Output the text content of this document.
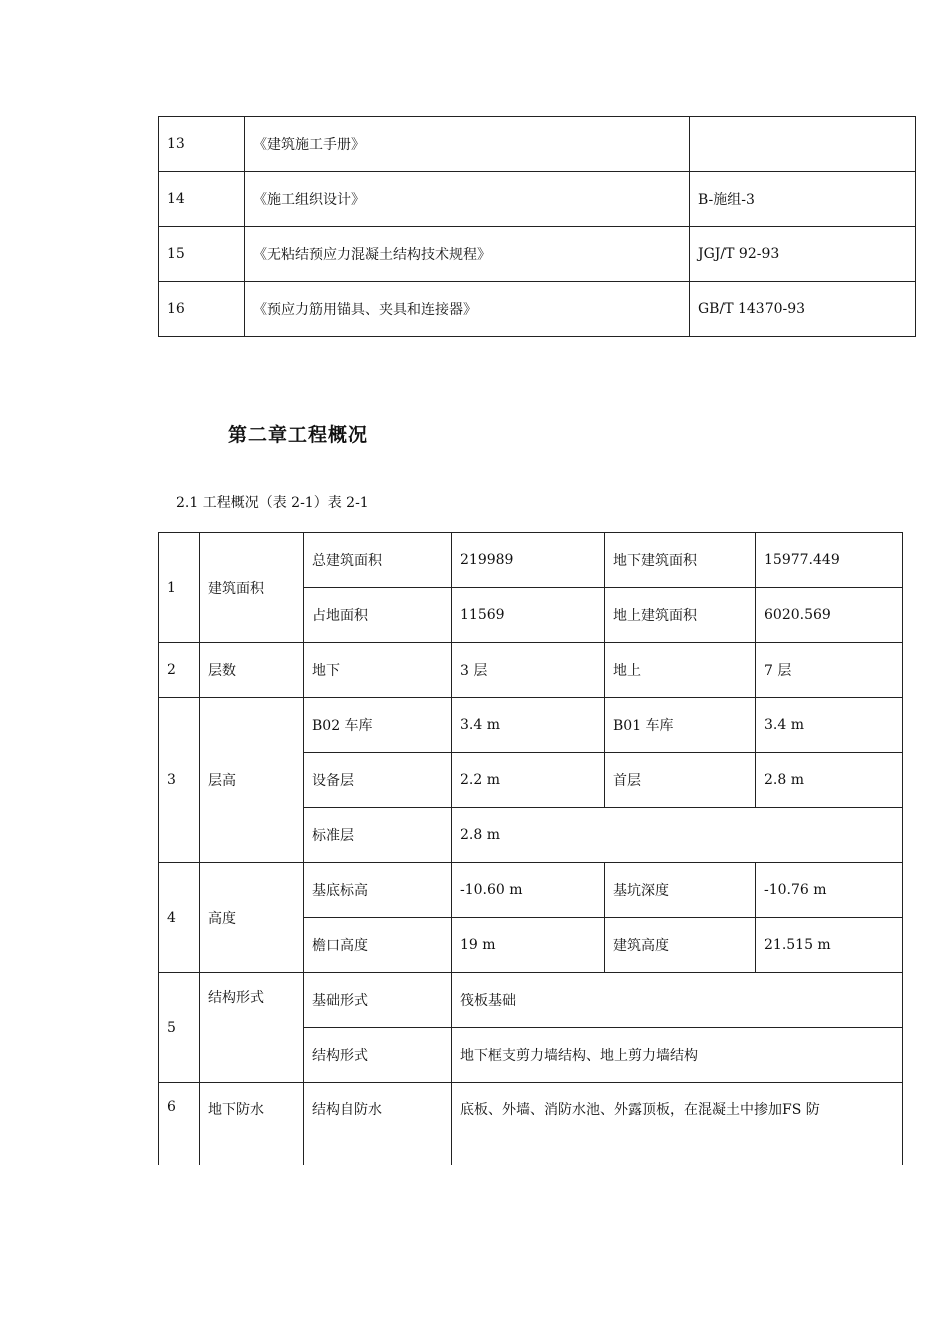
13	《建筑施工手册》	
14	《施工组织设计》	B-施组-3
15	《无粘结预应力混凝土结构技术规程》	JGJ/T 92-93
16	《预应力筋用锚具、夹具和连接器》	GB/T 14370-93
第二章工程概况

2.1 工程概况（表 2-1）表 2-1

1	建筑面积	总建筑面积	219989	地下建筑面积	15977.449
		占地面积	11569	地上建筑面积	6020.569
2	层数	地下	3 层	地上	7 层
3	层高	B02 车库	3.4 m	B01 车库	3.4 m
		设备层	2.2 m	首层	2.8 m
		标准层	2.8 m		
4	高度	基底标高	-10.60 m	基坑深度	-10.76 m
		檐口高度	19 m	建筑高度	21.515 m
5	结构形式	基础形式	筏板基础		
		结构形式	地下框支剪力墙结构、地上剪力墙结构		
6	地下防水	结构自防水	底板、外墙、消防水池、外露顶板，在混凝土中掺加FS 防		
